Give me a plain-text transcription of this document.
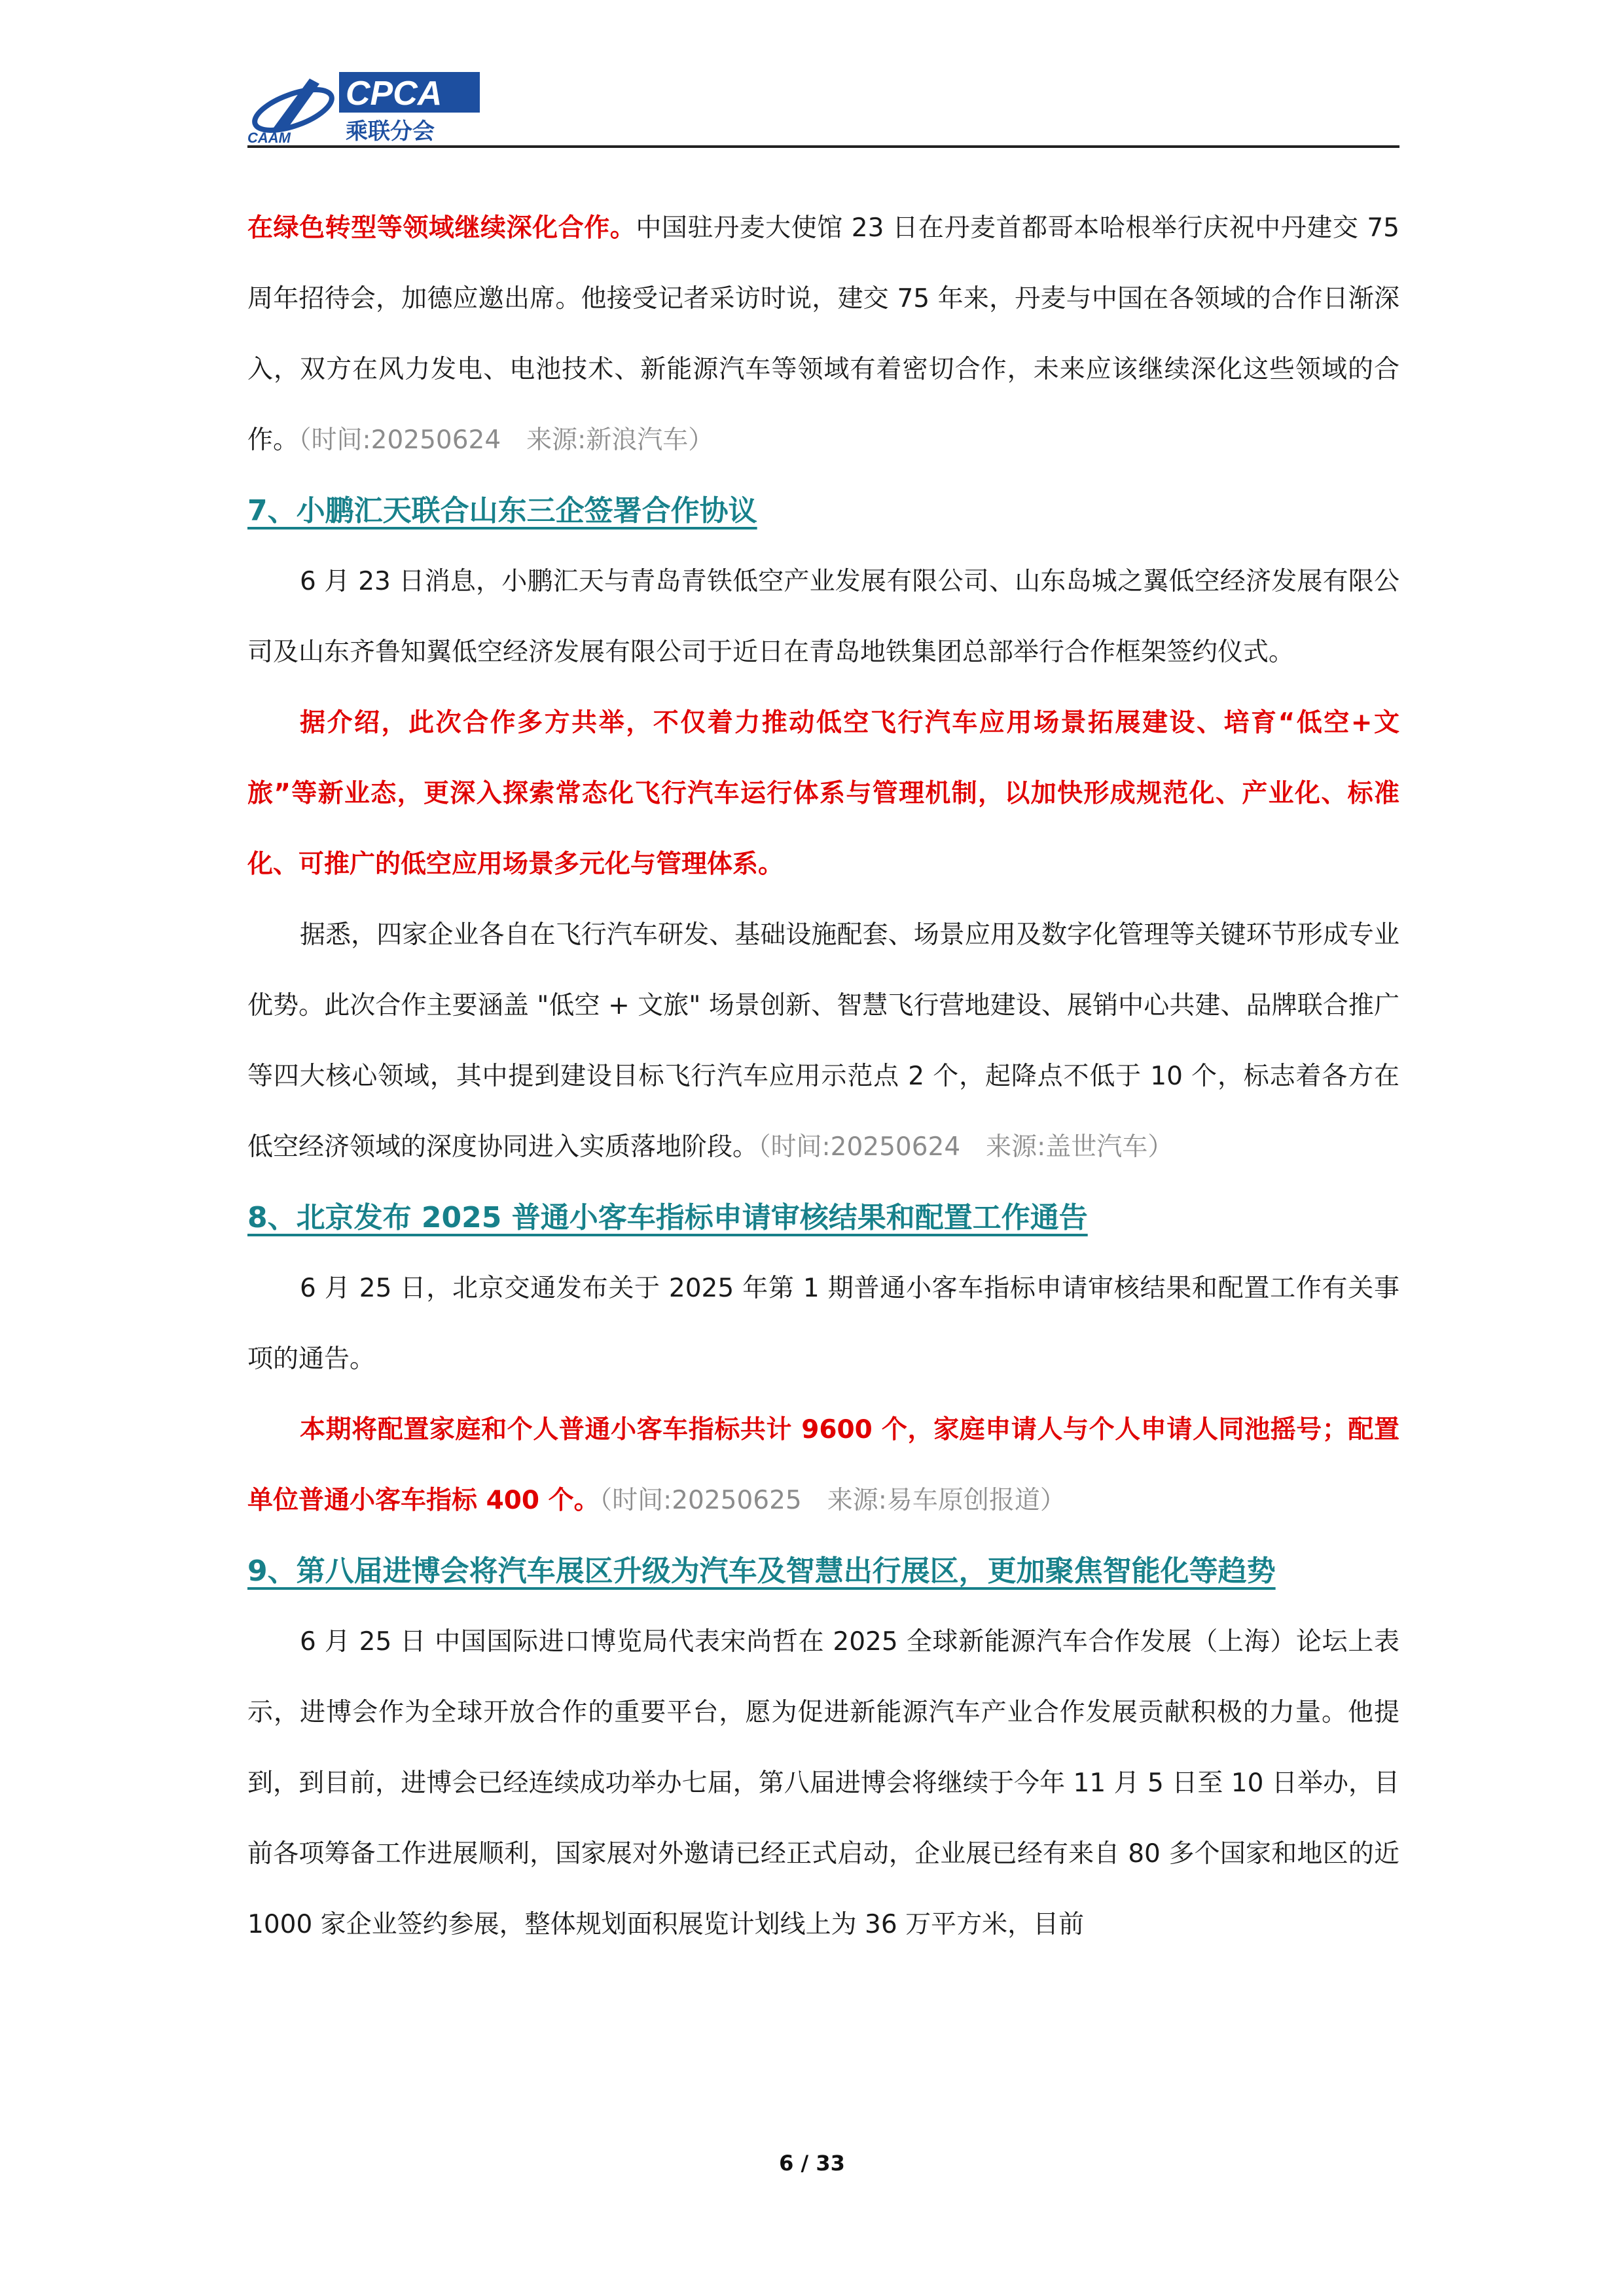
CPCA
乘联分会
CAAM

在绿色转型等领域继续深化合作。中国驻丹麦大使馆 23 日在丹麦首都哥本哈根举行庆祝中丹建交 75 周年招待会，加德应邀出席。他接受记者采访时说，建交 75 年来，丹麦与中国在各领域的合作日渐深入，双方在风力发电、电池技术、新能源汽车等领域有着密切合作，未来应该继续深化这些领域的合作。（时间:20250624　来源:新浪汽车）

7、小鹏汇天联合山东三企签署合作协议

6 月 23 日消息，小鹏汇天与青岛青铁低空产业发展有限公司、山东岛城之翼低空经济发展有限公司及山东齐鲁知翼低空经济发展有限公司于近日在青岛地铁集团总部举行合作框架签约仪式。

据介绍，此次合作多方共举，不仅着力推动低空飞行汽车应用场景拓展建设、培育“低空+文旅”等新业态，更深入探索常态化飞行汽车运行体系与管理机制，以加快形成规范化、产业化、标准化、可推广的低空应用场景多元化与管理体系。

据悉，四家企业各自在飞行汽车研发、基础设施配套、场景应用及数字化管理等关键环节形成专业优势。此次合作主要涵盖 "低空 + 文旅" 场景创新、智慧飞行营地建设、展销中心共建、品牌联合推广等四大核心领域，其中提到建设目标飞行汽车应用示范点 2 个，起降点不低于 10 个，标志着各方在低空经济领域的深度协同进入实质落地阶段。（时间:20250624　来源:盖世汽车）

8、北京发布 2025 普通小客车指标申请审核结果和配置工作通告

6 月 25 日，北京交通发布关于 2025 年第 1 期普通小客车指标申请审核结果和配置工作有关事项的通告。

本期将配置家庭和个人普通小客车指标共计 9600 个，家庭申请人与个人申请人同池摇号；配置单位普通小客车指标 400 个。（时间:20250625　来源:易车原创报道）

9、第八届进博会将汽车展区升级为汽车及智慧出行展区，更加聚焦智能化等趋势

6 月 25 日 中国国际进口博览局代表宋尚哲在 2025 全球新能源汽车合作发展（上海）论坛上表示，进博会作为全球开放合作的重要平台，愿为促进新能源汽车产业合作发展贡献积极的力量。他提到，到目前，进博会已经连续成功举办七届，第八届进博会将继续于今年 11 月 5 日至 10 日举办，目前各项筹备工作进展顺利，国家展对外邀请已经正式启动，企业展已经有来自 80 多个国家和地区的近 1000 家企业签约参展，整体规划面积展览计划线上为 36 万平方米，目前

6 / 33
